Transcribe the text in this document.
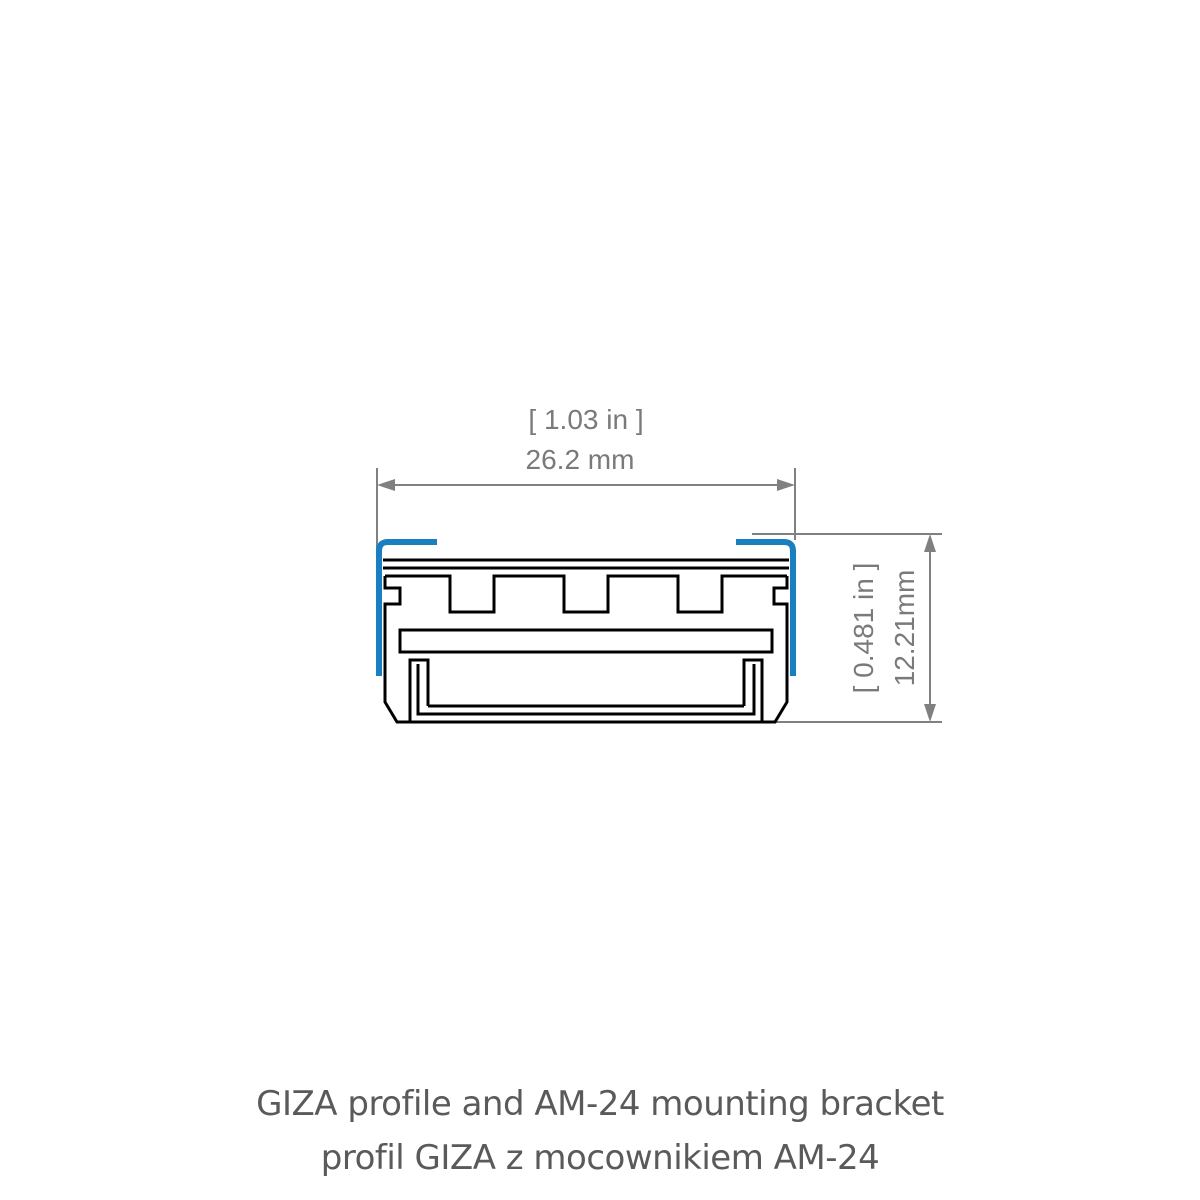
[ 1.03 in ]
26.2 mm
[ 0.481 in ] 12.21mm
GIZA profile and AM-24 mounting bracket
profil GIZA z mocownikiem AM-24
